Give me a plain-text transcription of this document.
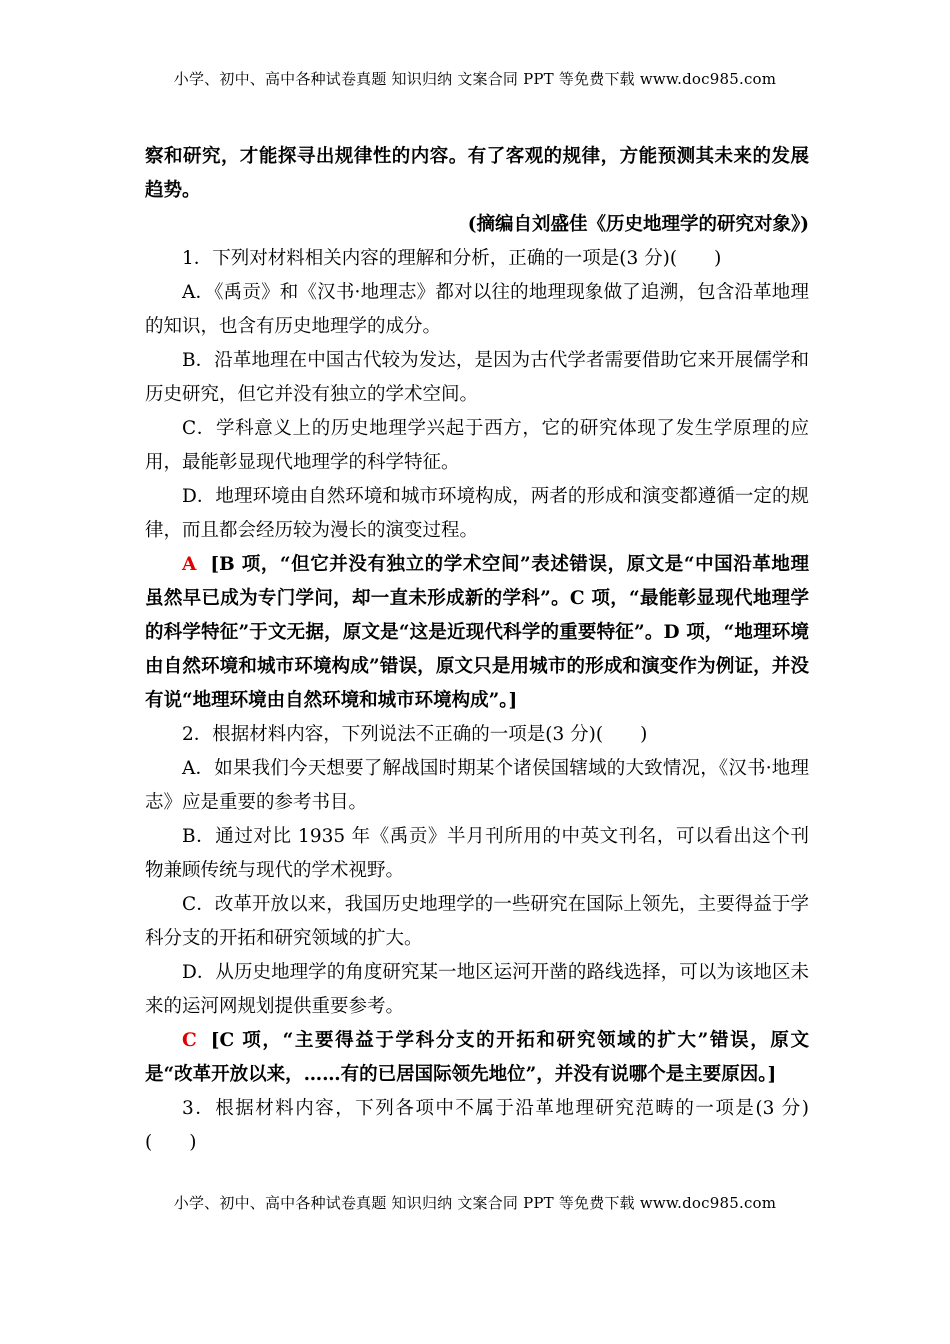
小学、初中、高中各种试卷真题 知识归纳 文案合同 PPT 等免费下载 www.doc985.com

察和研究，才能探寻出规律性的内容。有了客观的规律，方能预测其未来的发展趋势。

(摘编自刘盛佳《历史地理学的研究对象》)

1．下列对材料相关内容的理解和分析，正确的一项是(3 分)(　　)

A．《禹贡》和《汉书·地理志》都对以往的地理现象做了追溯，包含沿革地理的知识，也含有历史地理学的成分。

B．沿革地理在中国古代较为发达，是因为古代学者需要借助它来开展儒学和历史研究，但它并没有独立的学术空间。

C．学科意义上的历史地理学兴起于西方，它的研究体现了发生学原理的应用，最能彰显现代地理学的科学特征。

D．地理环境由自然环境和城市环境构成，两者的形成和演变都遵循一定的规律，而且都会经历较为漫长的演变过程。

A [B 项，“但它并没有独立的学术空间”表述错误，原文是“中国沿革地理虽然早已成为专门学问，却一直未形成新的学科”。C 项，“最能彰显现代地理学的科学特征”于文无据，原文是“这是近现代科学的重要特征”。D 项，“地理环境由自然环境和城市环境构成”错误，原文只是用城市的形成和演变作为例证，并没有说“地理环境由自然环境和城市环境构成”。]

2．根据材料内容，下列说法不正确的一项是(3 分)(　　)

A．如果我们今天想要了解战国时期某个诸侯国辖域的大致情况，《汉书·地理志》应是重要的参考书目。

B．通过对比 1935 年《禹贡》半月刊所用的中英文刊名，可以看出这个刊物兼顾传统与现代的学术视野。

C．改革开放以来，我国历史地理学的一些研究在国际上领先，主要得益于学科分支的开拓和研究领域的扩大。

D．从历史地理学的角度研究某一地区运河开凿的路线选择，可以为该地区未来的运河网规划提供重要参考。

C [C 项，“主要得益于学科分支的开拓和研究领域的扩大”错误，原文是“改革开放以来，……有的已居国际领先地位”，并没有说哪个是主要原因。]

3．根据材料内容，下列各项中不属于沿革地理研究范畴的一项是(3 分)(　　)

小学、初中、高中各种试卷真题 知识归纳 文案合同 PPT 等免费下载 www.doc985.com
